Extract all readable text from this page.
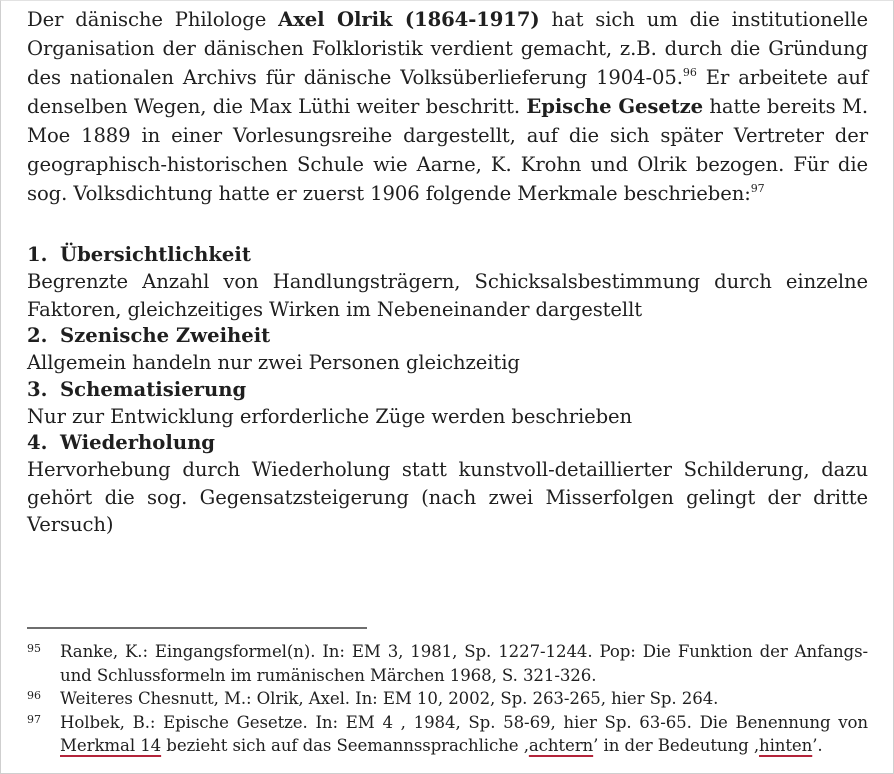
Der dänische Philologe Axel Olrik (1864-1917) hat sich um die institutionelle Organisation der dänischen Folkloristik verdient gemacht, z.B. durch die Gründung des nationalen Archivs für dänische Volksüberlieferung 1904-05.96 Er arbeitete auf denselben Wegen, die Max Lüthi weiter beschritt. Epische Gesetze hatte bereits M. Moe 1889 in einer Vorlesungsreihe dargestellt, auf die sich später Vertreter der geographisch-historischen Schule wie Aarne, K. Krohn und Olrik bezogen. Für die sog. Volksdichtung hatte er zuerst 1906 folgende Merkmale beschrieben:$^{97}$

1. Übersichtlichkeit

Begrenzte Anzahl von Handlungsträgern, Schicksalsbestimmung durch einzelne Faktoren, gleichzeitiges Wirken im Nebeneinander dargestellt

2. Szenische Zweiheit

Allgemein handeln nur zwei Personen gleichzeitig

3. Schematisierung

Nur zur Entwicklung erforderliche Züge werden beschrieben

4. Wiederholung

Hervorhebung durch Wiederholung statt kunstvoll-detaillierter Schilderung, dazu gehört die sog. Gegensatzsteigerung (nach zwei Misserfolgen gelingt der dritte Versuch)

95	Ranke, K.: Eingangsformel(n). In: EM 3, 1981, Sp. 1227-1244. Pop: Die Funktion der Anfangs- und Schlussformeln im rumänischen Märchen 1968, S. 321-326.
96	Weiteres Chesnutt, M.: Olrik, Axel. In: EM 10, 2002, Sp. 263-265, hier Sp. 264.
97	Holbek, B.: Epische Gesetze. In: EM 4 , 1984, Sp. 58-69, hier Sp. 63-65. Die Benennung von Merkmal 14 bezieht sich auf das Seemannssprachliche ‚achtern’ in der Bedeutung ‚hinten’.
